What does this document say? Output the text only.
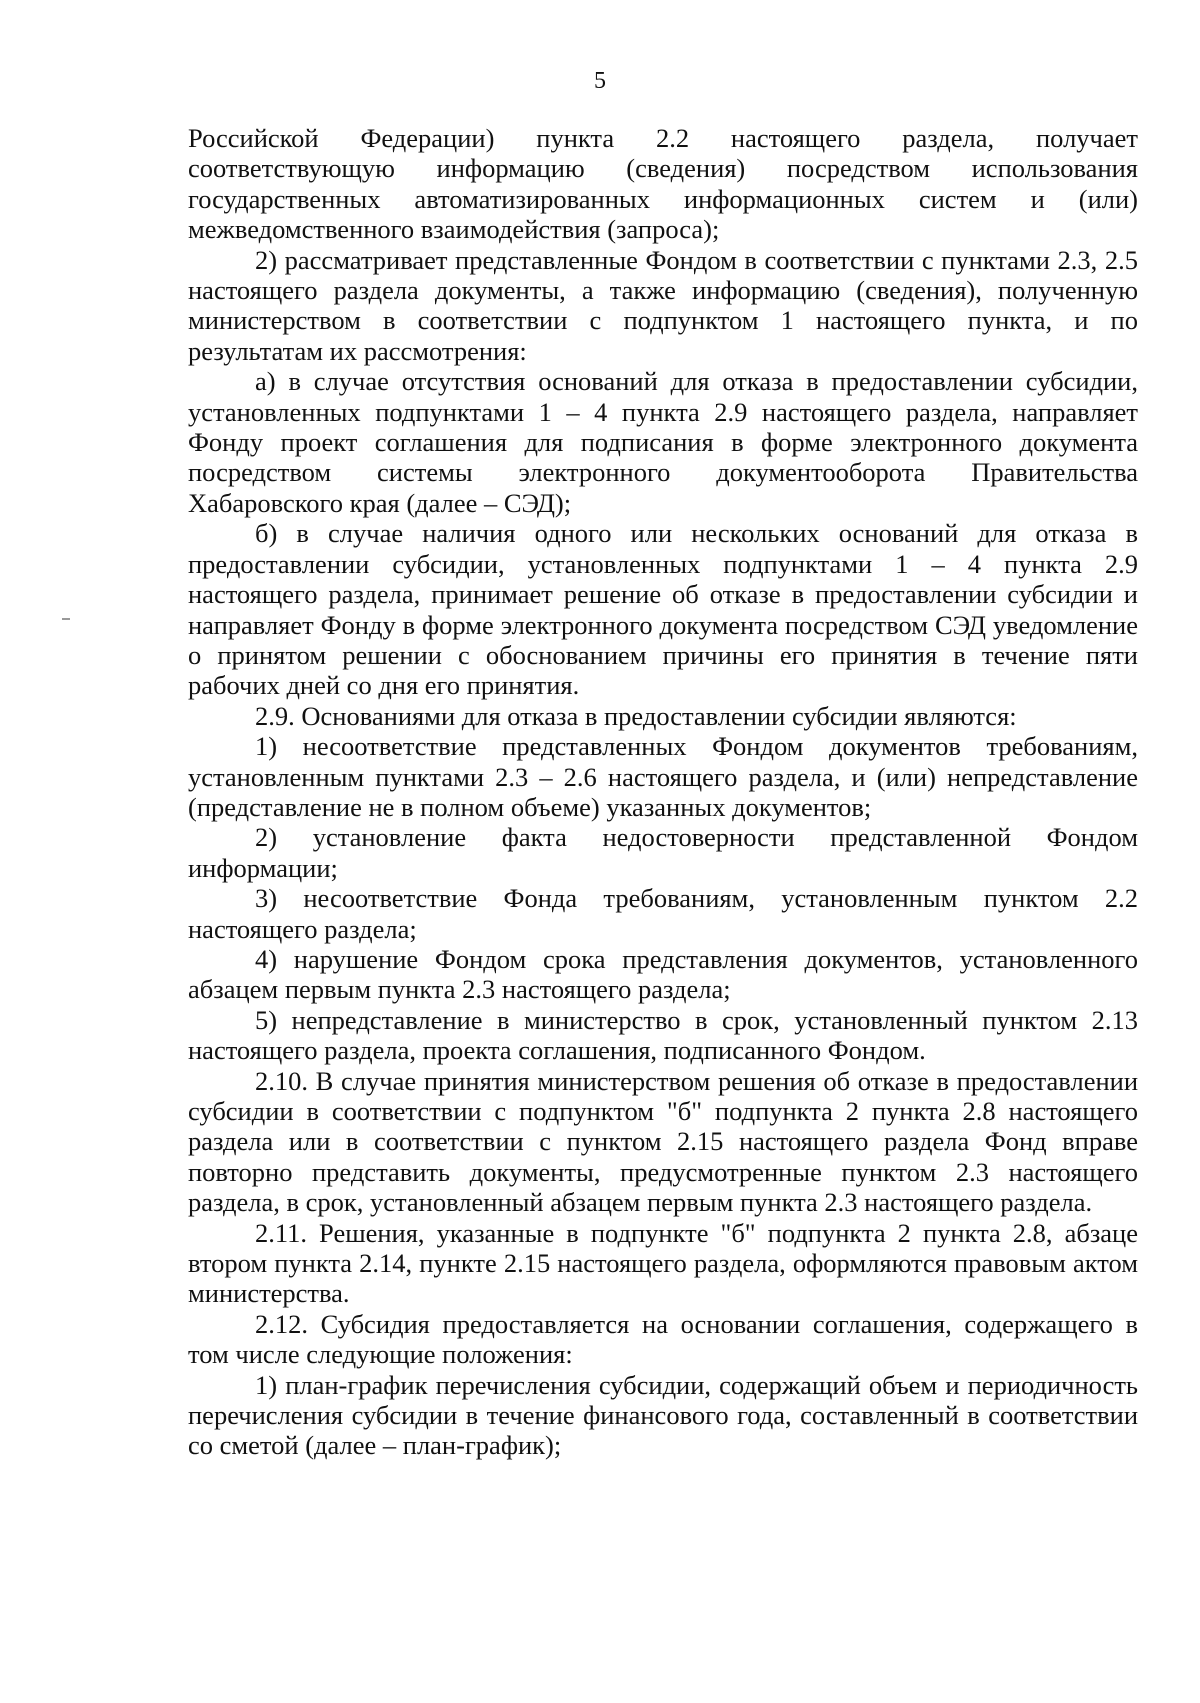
5

Российской Федерации) пункта 2.2 настоящего раздела, получает соответствующую информацию (сведения) посредством использования государственных автоматизированных информационных систем и (или) межведомственного взаимодействия (запроса);

2) рассматривает представленные Фондом в соответствии с пунктами 2.3, 2.5 настоящего раздела документы, а также информацию (сведения), полученную министерством в соответствии с подпунктом 1 настоящего пункта, и по результатам их рассмотрения:

а) в случае отсутствия оснований для отказа в предоставлении субсидии, установленных подпунктами 1 – 4 пункта 2.9 настоящего раздела, направляет Фонду проект соглашения для подписания в форме электронного документа посредством системы электронного документооборота Правительства Хабаровского края (далее – СЭД);

б) в случае наличия одного или нескольких оснований для отказа в предоставлении субсидии, установленных подпунктами 1 – 4 пункта 2.9 настоящего раздела, принимает решение об отказе в предоставлении субсидии и направляет Фонду в форме электронного документа посредством СЭД уведомление о принятом решении с обоснованием причины его принятия в течение пяти рабочих дней со дня его принятия.

2.9. Основаниями для отказа в предоставлении субсидии являются:

1) несоответствие представленных Фондом документов требованиям, установленным пунктами 2.3 – 2.6 настоящего раздела, и (или) непредставление (представление не в полном объеме) указанных документов;

2) установление факта недостоверности представленной Фондом информации;

3) несоответствие Фонда требованиям, установленным пунктом 2.2 настоящего раздела;

4) нарушение Фондом срока представления документов, установленного абзацем первым пункта 2.3 настоящего раздела;

5) непредставление в министерство в срок, установленный пунктом 2.13 настоящего раздела, проекта соглашения, подписанного Фондом.

2.10. В случае принятия министерством решения об отказе в предоставлении субсидии в соответствии с подпунктом "б" подпункта 2 пункта 2.8 настоящего раздела или в соответствии с пунктом 2.15 настоящего раздела Фонд вправе повторно представить документы, предусмотренные пунктом 2.3 настоящего раздела, в срок, установленный абзацем первым пункта 2.3 настоящего раздела.

2.11. Решения, указанные в подпункте "б" подпункта 2 пункта 2.8, абзаце втором пункта 2.14, пункте 2.15 настоящего раздела, оформляются правовым актом министерства.

2.12. Субсидия предоставляется на основании соглашения, содержащего в том числе следующие положения:

1) план-график перечисления субсидии, содержащий объем и периодичность перечисления субсидии в течение финансового года, составленный в соответствии со сметой (далее – план-график);
